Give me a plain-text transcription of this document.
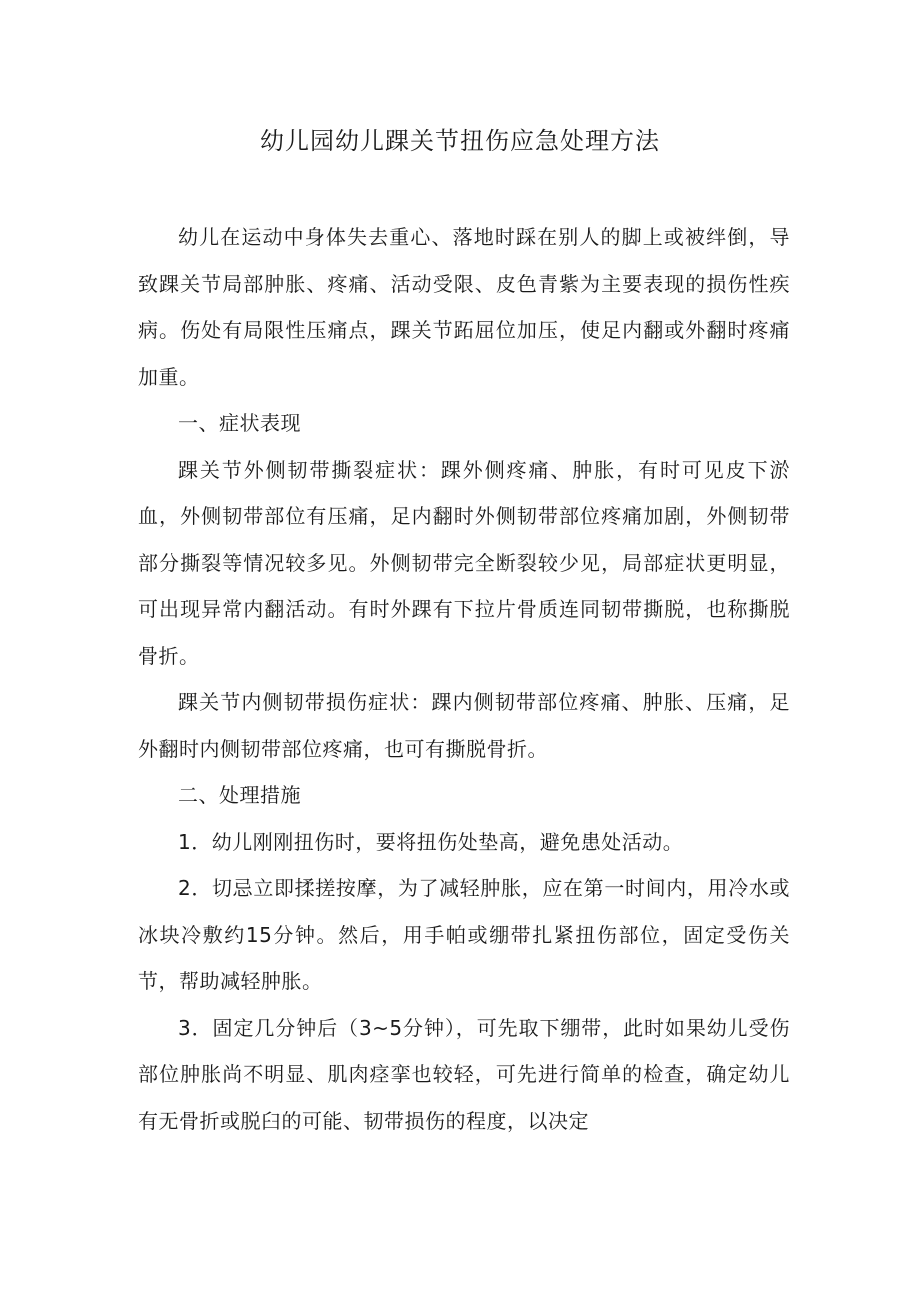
幼儿园幼儿踝关节扭伤应急处理方法

幼儿在运动中身体失去重心、落地时踩在别人的脚上或被绊倒，导致踝关节局部肿胀、疼痛、活动受限、皮色青紫为主要表现的损伤性疾病。伤处有局限性压痛点，踝关节跖屈位加压，使足内翻或外翻时疼痛加重。

一、症状表现

踝关节外侧韧带撕裂症状：踝外侧疼痛、肿胀，有时可见皮下淤血，外侧韧带部位有压痛，足内翻时外侧韧带部位疼痛加剧，外侧韧带部分撕裂等情况较多见。外侧韧带完全断裂较少见，局部症状更明显，可出现异常内翻活动。有时外踝有下拉片骨质连同韧带撕脱，也称撕脱骨折。

踝关节内侧韧带损伤症状：踝内侧韧带部位疼痛、肿胀、压痛，足外翻时内侧韧带部位疼痛，也可有撕脱骨折。

二、处理措施

1．幼儿刚刚扭伤时，要将扭伤处垫高，避免患处活动。

2．切忌立即揉搓按摩，为了减轻肿胀，应在第一时间内，用冷水或冰块冷敷约15分钟。然后，用手帕或绷带扎紧扭伤部位，固定受伤关节，帮助减轻肿胀。

3．固定几分钟后（3~5分钟），可先取下绷带，此时如果幼儿受伤部位肿胀尚不明显、肌肉痉挛也较轻，可先进行简单的检查，确定幼儿有无骨折或脱臼的可能、韧带损伤的程度，以决定
